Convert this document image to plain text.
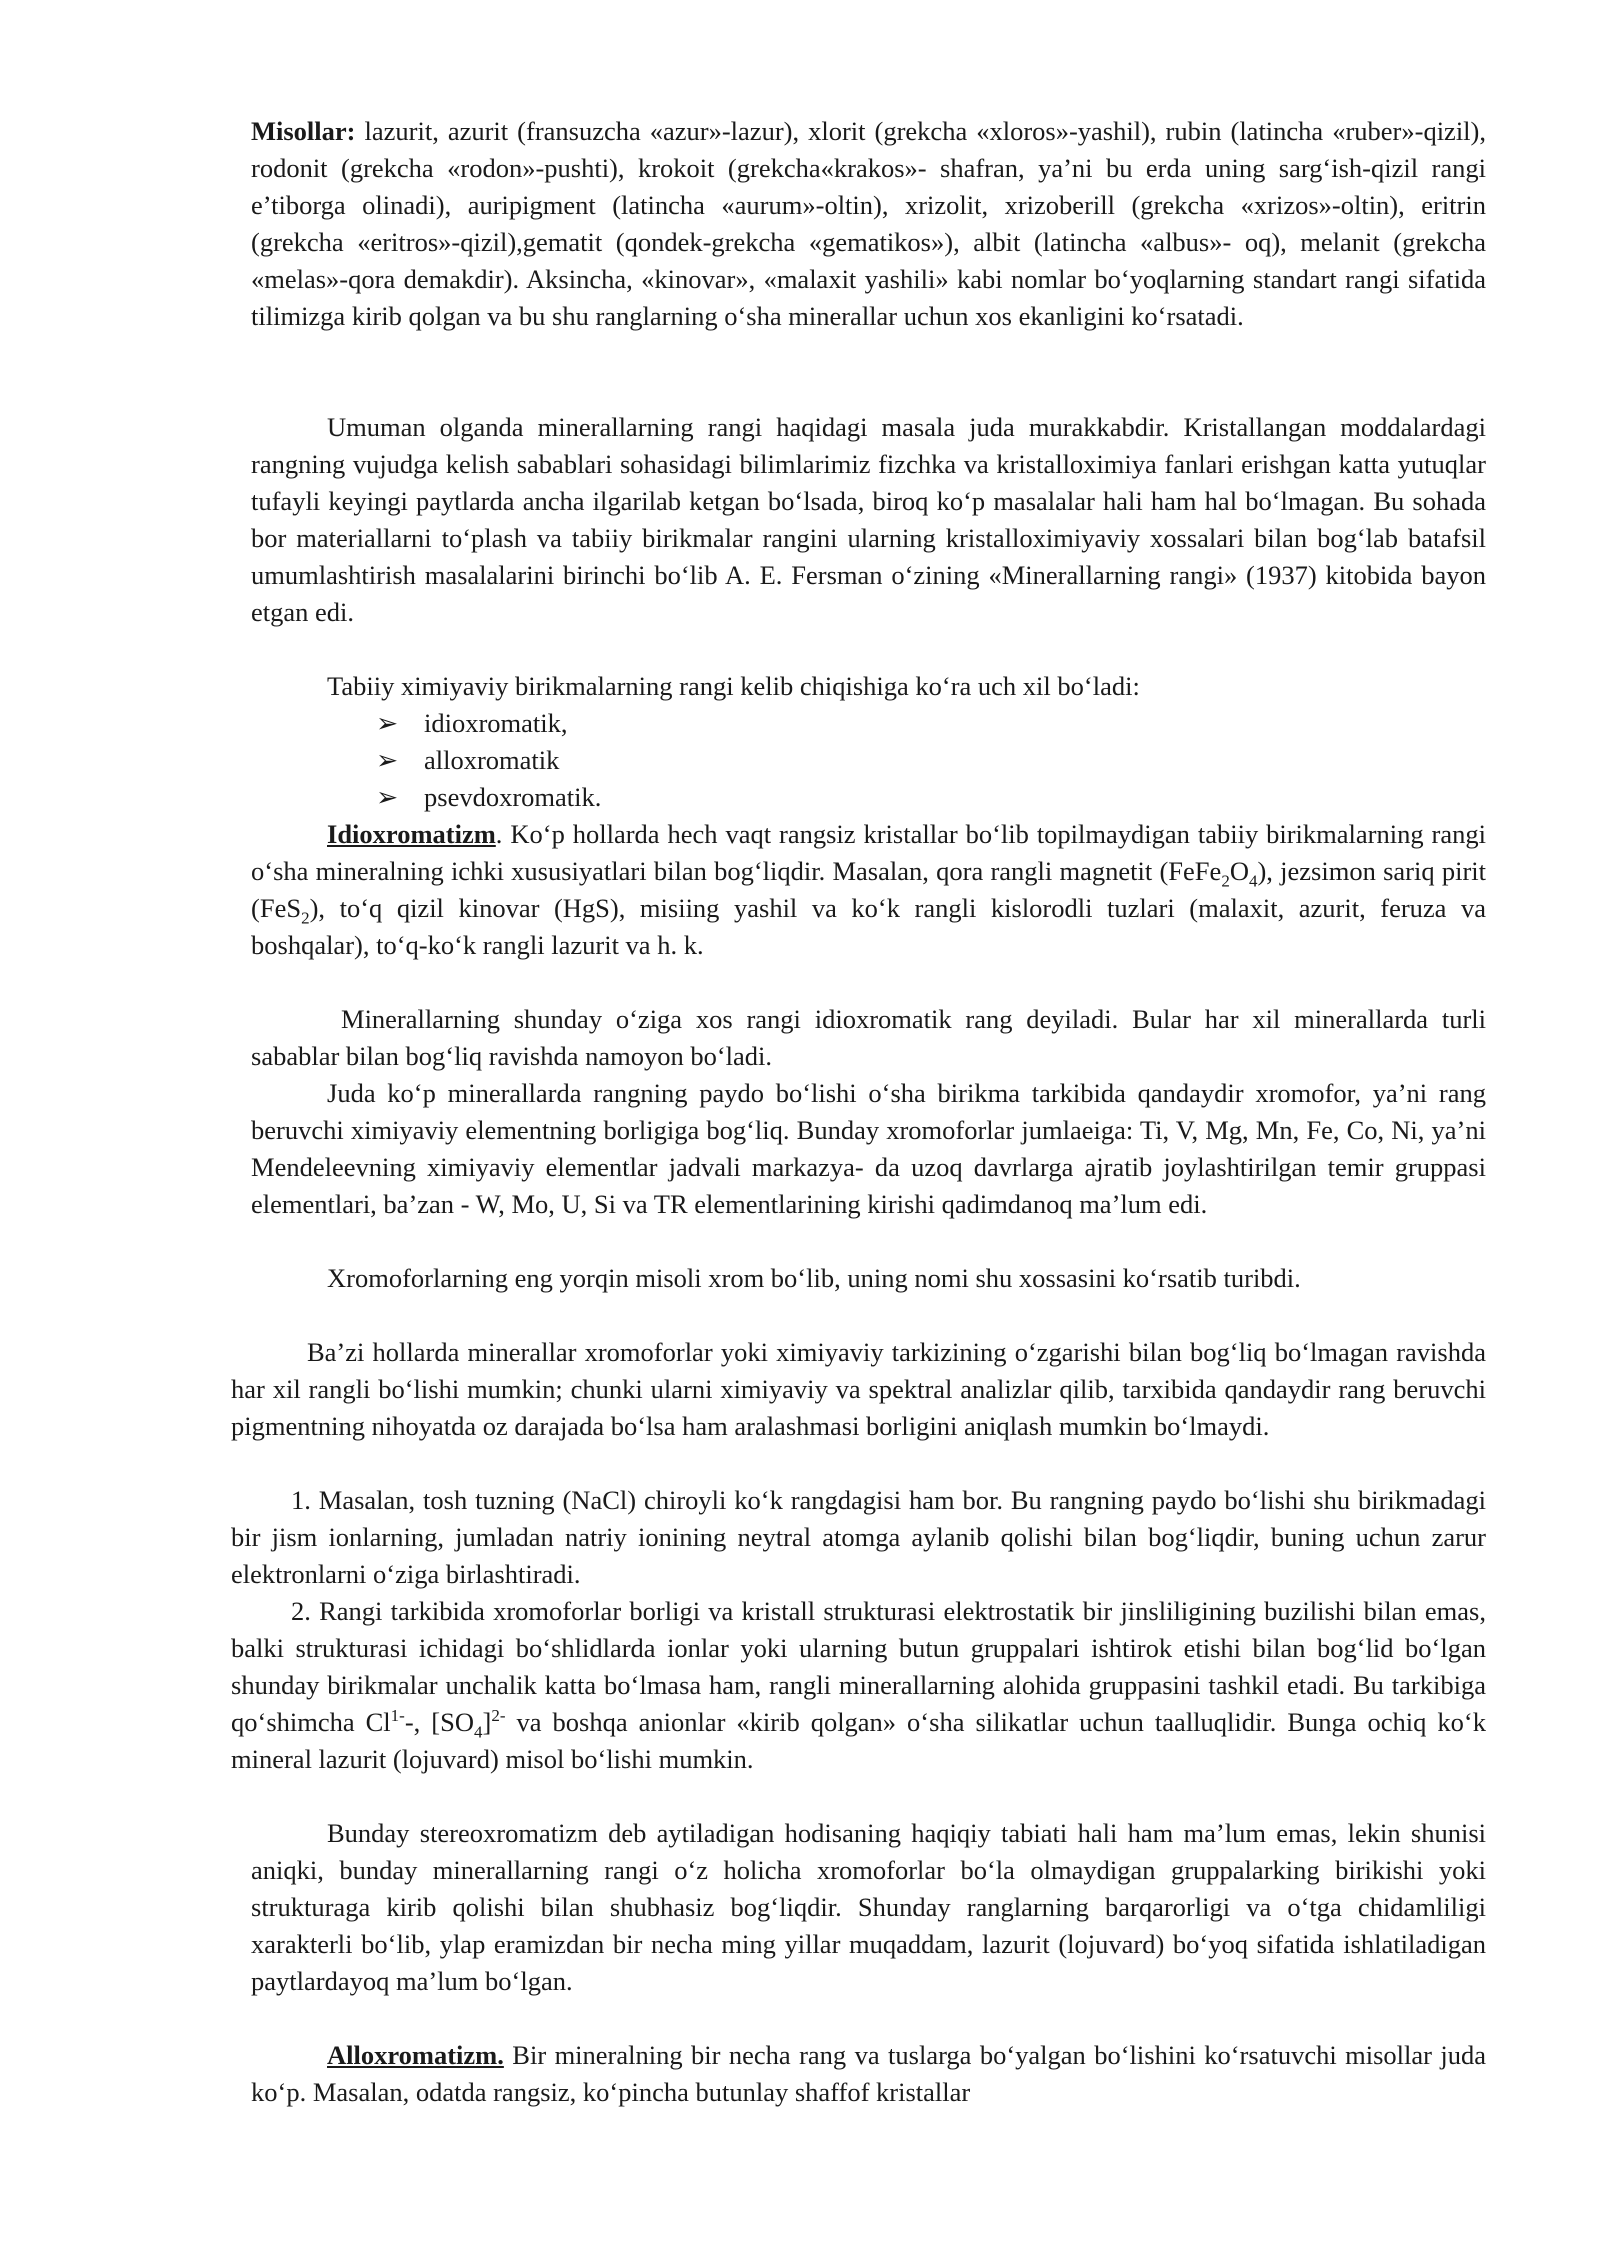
Misollar: lazurit, azurit (fransuzcha «azur»-lazur), xlorit (grekcha «xloros»-yashil), rubin (latincha «ruber»-qizil), rodonit (grekcha «rodon»-pushti), krokoit (grekcha«krakos»- shafran, ya’ni bu erda uning sarg‘ish-qizil rangi e’tiborga olinadi), auripigment (latincha «aurum»-oltin), xrizolit, xrizoberill (grekcha «xrizos»-oltin), eritrin (grekcha «eritros»-qizil),gematit (qondek-grekcha «gematikos»), albit (latincha «albus»- oq), melanit (grekcha «melas»-qora demakdir). Aksincha, «kinovar», «malaxit yashili» kabi nomlar bo‘yoqlarning standart rangi sifatida tilimizga kirib qolgan va bu shu ranglarning o‘sha minerallar uchun xos ekanligini ko‘rsatadi.

Umuman olganda minerallarning rangi haqidagi masala juda murakkabdir. Kristallangan moddalardagi rangning vujudga kelish sabablari sohasidagi bilimlarimiz fizchka va kristalloximiya fanlari erishgan katta yutuqlar tufayli keyingi paytlarda ancha ilgarilab ketgan bo‘lsada, biroq ko‘p masalalar hali ham hal bo‘lmagan. Bu sohada bor materiallarni to‘plash va tabiiy birikmalar rangini ularning kristalloximiyaviy xossalari bilan bog‘lab batafsil umumlashtirish masalalarini birinchi bo‘lib A. E. Fersman o‘zining «Minerallarning rangi» (1937) kitobida bayon etgan edi.

Tabiiy ximiyaviy birikmalarning rangi kelib chiqishiga ko‘ra uch xil bo‘ladi:

➢ idioxromatik,
➢ alloxromatik
➢ psevdoxromatik.

Idioxromatizm. Ko‘p hollarda hech vaqt rangsiz kristallar bo‘lib topilmaydigan tabiiy birikmalarning rangi o‘sha mineralning ichki xususiyatlari bilan bog‘liqdir. Masalan, qora rangli magnetit $(FeFe_2O_4)$, jezsimon sariq pirit (FeS$_2$), to‘q qizil kinovar (HgS), misiing yashil va ko‘k rangli kislorodli tuzlari (malaxit, azurit, feruza va boshqalar), to‘q-ko‘k rangli lazurit va h. k.

Minerallarning shunday o‘ziga xos rangi idioxromatik rang deyiladi. Bular har xil minerallarda turli sabablar bilan bog‘liq ravishda namoyon bo‘ladi.

Juda ko‘p minerallarda rangning paydo bo‘lishi o‘sha birikma tarkibida qandaydir xromofor, ya’ni rang beruvchi ximiyaviy elementning borligiga bog‘liq. Bunday xromoforlar jumlaeiga: Ti, V, Mg, Mn, Fe, Co, Ni, ya’ni Mendeleevning ximiyaviy elementlar jadvali markazya- da uzoq davrlarga ajratib joylashtirilgan temir gruppasi elementlari, ba’zan - W, Mo, U, Si va TR elementlarining kirishi qadimdanoq ma’lum edi.

Xromoforlarning eng yorqin misoli xrom bo‘lib, uning nomi shu xossasini ko‘rsatib turibdi.

Ba’zi hollarda minerallar xromoforlar yoki ximiyaviy tarkizining o‘zgarishi bilan bog‘liq bo‘lmagan ravishda har xil rangli bo‘lishi mumkin; chunki ularni ximiyaviy va spektral analizlar qilib, tarxibida qandaydir rang beruvchi pigmentning nihoyatda oz darajada bo‘lsa ham aralashmasi borligini aniqlash mumkin bo‘lmaydi.

1. Masalan, tosh tuzning (NaCl) chiroyli ko‘k rangdagisi ham bor. Bu rangning paydo bo‘lishi shu birikmadagi bir jism ionlarning, jumladan natriy ionining neytral atomga aylanib qolishi bilan bog‘liqdir, buning uchun zarur elektronlarni o‘ziga birlashtiradi.

2. Rangi tarkibida xromoforlar borligi va kristall strukturasi elektrostatik bir jinsliligining buzilishi bilan emas, balki strukturasi ichidagi bo‘shlidlarda ionlar yoki ularning butun gruppalari ishtirok etishi bilan bog‘lid bo‘lgan shunday birikmalar unchalik katta bo‘lmasa ham, rangli minerallarning alohida gruppasini tashkil etadi. Bu tarkibiga qo‘shimcha $Cl^{1-}-$, $[SO_4]^{2-}$ va boshqa anionlar «kirib qolgan» o‘sha silikatlar uchun taalluqlidir. Bunga ochiq ko‘k mineral lazurit (lojuvard) misol bo‘lishi mumkin.

Bunday stereoxromatizm deb aytiladigan hodisaning haqiqiy tabiati hali ham ma’lum emas, lekin shunisi aniqki, bunday minerallarning rangi o‘z holicha xromoforlar bo‘la olmaydigan gruppalarking birikishi yoki strukturaga kirib qolishi bilan shubhasiz bog‘liqdir. Shunday ranglarning barqarorligi va o‘tga chidamliligi xarakterli bo‘lib, ylap eramizdan bir necha ming yillar muqaddam, lazurit (lojuvard) bo‘yoq sifatida ishlatiladigan paytlardayoq ma’lum bo‘lgan.

Alloxromatizm. Bir mineralning bir necha rang va tuslarga bo‘yalgan bo‘lishini ko‘rsatuvchi misollar juda ko‘p. Masalan, odatda rangsiz, ko‘pincha butunlay shaffof kristallar
